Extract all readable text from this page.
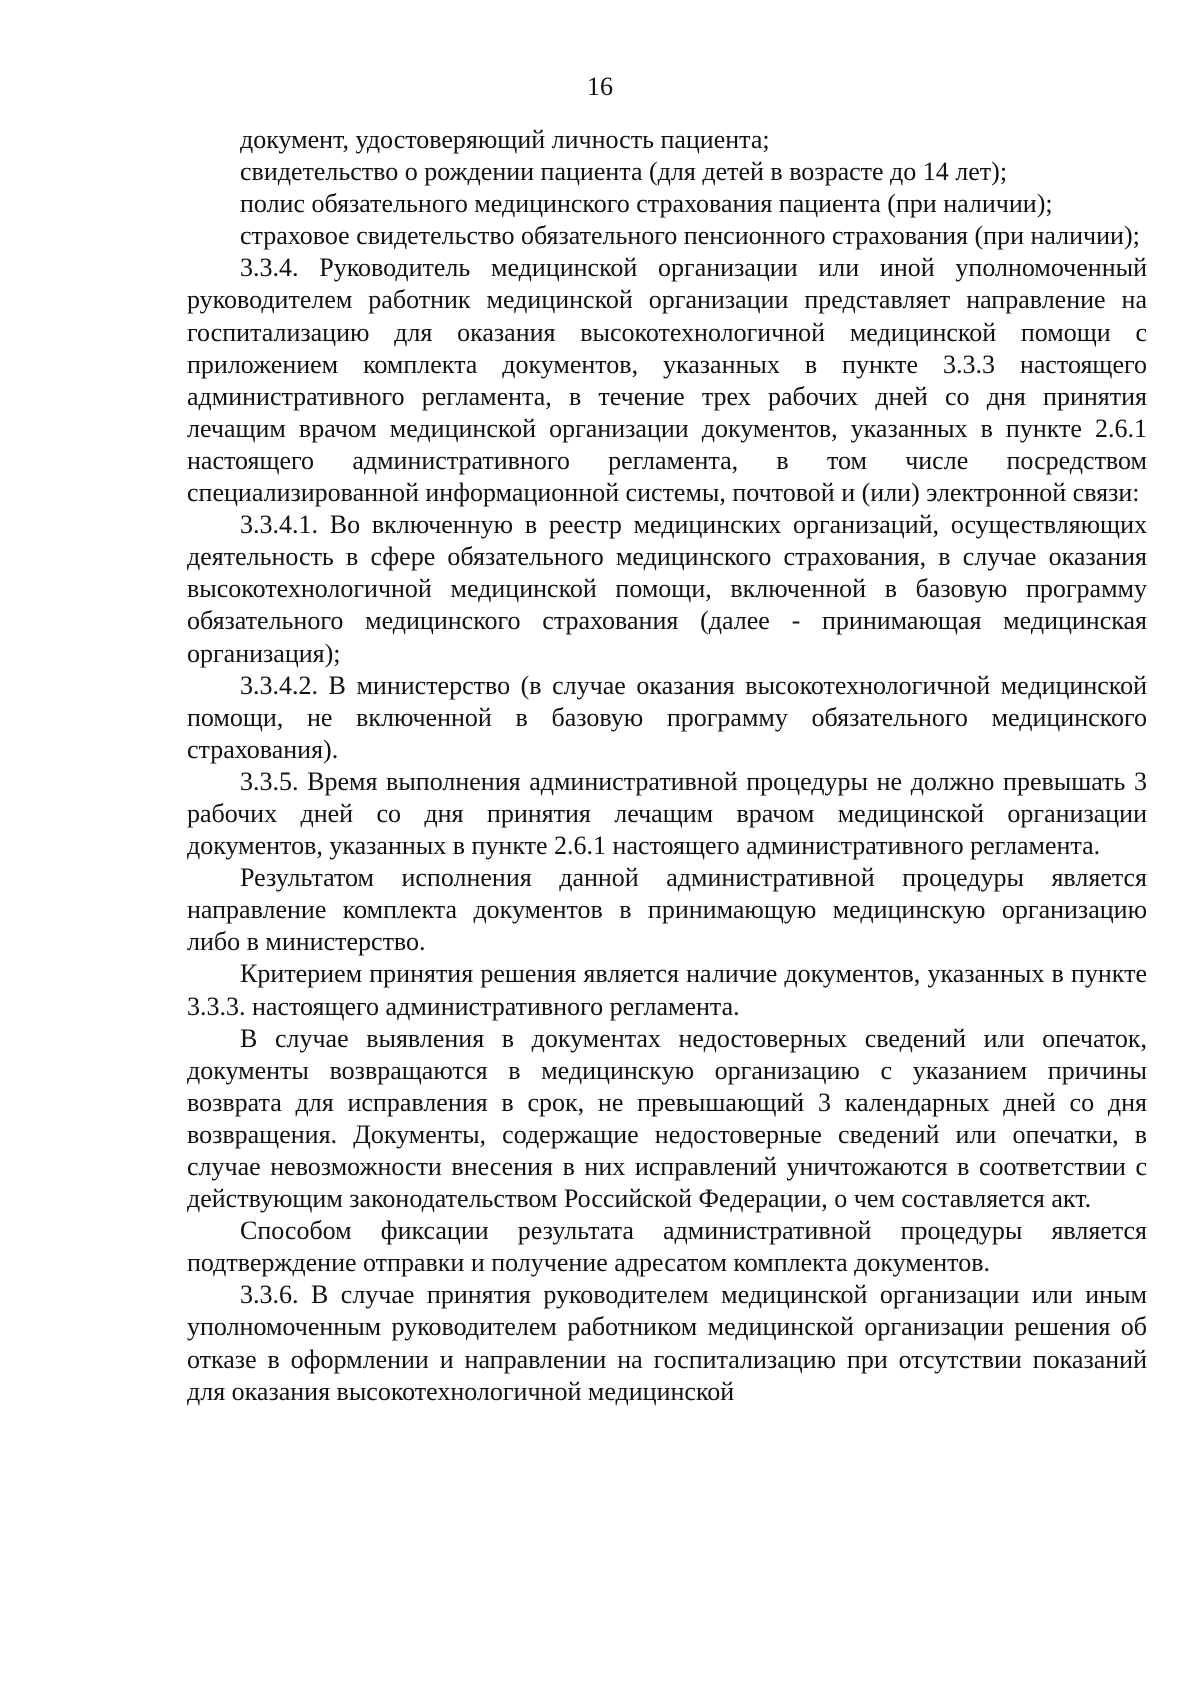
16

документ, удостоверяющий личность пациента;

свидетельство о рождении пациента (для детей в возрасте до 14 лет);

полис обязательного медицинского страхования пациента (при наличии);

страховое свидетельство обязательного пенсионного страхования (при наличии);

3.3.4. Руководитель медицинской организации или иной уполномоченный руководителем работник медицинской организации представляет направление на госпитализацию для оказания высокотехнологичной медицинской помощи с приложением комплекта документов, указанных в пункте 3.3.3 настоящего административного регламента, в течение трех рабочих дней со дня принятия лечащим врачом медицинской организации документов, указанных в пункте 2.6.1 настоящего административного регламента, в том числе посредством специализированной информационной системы, почтовой и (или) электронной связи:

3.3.4.1. Во включенную в реестр медицинских организаций, осуществляющих деятельность в сфере обязательного медицинского страхования, в случае оказания высокотехнологичной медицинской помощи, включенной в базовую программу обязательного медицинского страхования (далее - принимающая медицинская организация);

3.3.4.2. В министерство (в случае оказания высокотехнологичной медицинской помощи, не включенной в базовую программу обязательного медицинского страхования).

3.3.5. Время выполнения административной процедуры не должно превышать 3 рабочих дней со дня принятия лечащим врачом медицинской организации документов, указанных в пункте 2.6.1 настоящего административного регламента.

Результатом исполнения данной административной процедуры является направление комплекта документов в принимающую медицинскую организацию либо в министерство.

Критерием принятия решения является наличие документов, указанных в пункте 3.3.3. настоящего административного регламента.

В случае выявления в документах недостоверных сведений или опечаток, документы возвращаются в медицинскую организацию с указанием причины возврата для исправления в срок, не превышающий 3 календарных дней со дня возвращения. Документы, содержащие недостоверные сведений или опечатки, в случае невозможности внесения в них исправлений уничтожаются в соответствии с действующим законодательством Российской Федерации, о чем составляется акт.

Способом фиксации результата административной процедуры является подтверждение отправки и получение адресатом комплекта документов.

3.3.6. В случае принятия руководителем медицинской организации или иным уполномоченным руководителем работником медицинской организации решения об отказе в оформлении и направлении на госпитализацию при отсутствии показаний для оказания высокотехнологичной медицинской
